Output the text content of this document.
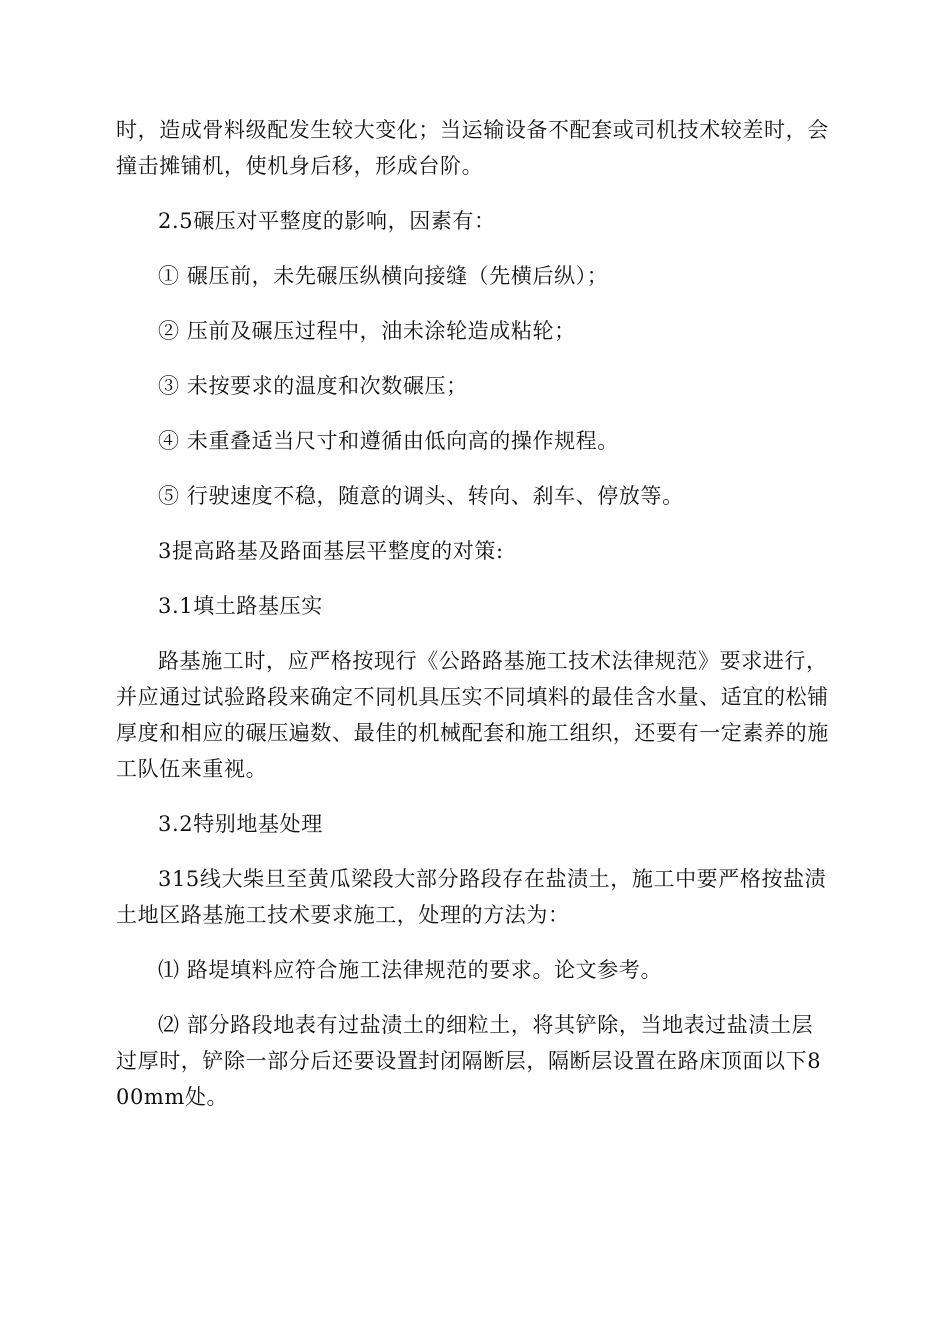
时，造成骨料级配发生较大变化；当运输设备不配套或司机技术较差时，会撞击摊铺机，使机身后移，形成台阶。

2.5碾压对平整度的影响，因素有：

① 碾压前，未先碾压纵横向接缝（先横后纵）；

② 压前及碾压过程中，油未涂轮造成粘轮；

③ 未按要求的温度和次数碾压；

④ 未重叠适当尺寸和遵循由低向高的操作规程。

⑤ 行驶速度不稳，随意的调头、转向、刹车、停放等。

3提高路基及路面基层平整度的对策:

3.1填土路基压实

路基施工时，应严格按现行《公路路基施工技术法律规范》要求进行，并应通过试验路段来确定不同机具压实不同填料的最佳含水量、适宜的松铺厚度和相应的碾压遍数、最佳的机械配套和施工组织，还要有一定素养的施工队伍来重视。

3.2特别地基处理

315线大柴旦至黄瓜梁段大部分路段存在盐渍土，施工中要严格按盐渍土地区路基施工技术要求施工，处理的方法为：

⑴ 路堤填料应符合施工法律规范的要求。论文参考。

⑵ 部分路段地表有过盐渍土的细粒土，将其铲除，当地表过盐渍土层过厚时，铲除一部分后还要设置封闭隔断层，隔断层设置在路床顶面以下800mm处。
